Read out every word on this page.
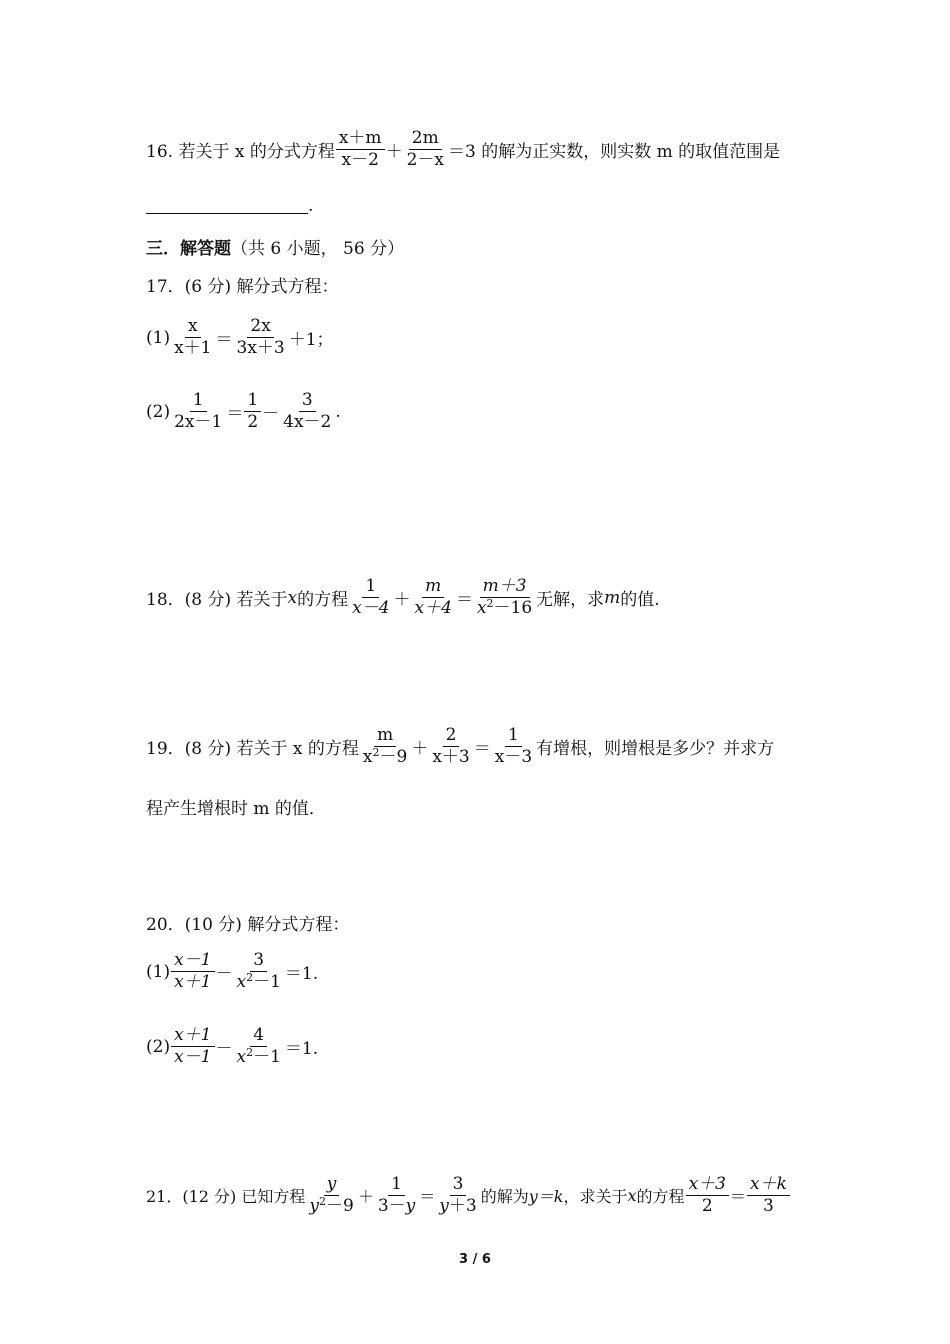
16. 若关于 x 的分式方程 $\frac{x+m}{x-2} + \frac{2m}{2-x} =3$ 的解为正实数，则实数 m 的取值范围是
.
三．解答题 （共 6 小题， 56 分）
17．(6 分) 解分式方程：
$(1) \frac{x}{x+1} = \frac{2x}{3x+3} +1$；
$(2) \frac{1}{2x-1} = \frac{1}{2} - \frac{3}{4x-2}$ .
18．(8 分) 若关于 x 的方程 $\frac{1}{x-4} + \frac{m}{x+4} = \frac{m+3}{x^2-16}$ 无解，求 m 的值.
19．(8 分) 若关于 x 的方程 $\frac{m}{x^2-9} + \frac{2}{x+3} = \frac{1}{x-3}$ 有增根，则增根是多少？并求方
程产生增根时 m 的值．
20．(10 分) 解分式方程：
$(1) \frac{x-1}{x+1} - \frac{3}{x^2-1} =1$.
$(2) \frac{x+1}{x-1} - \frac{4}{x^2-1} =1$.
21．(12 分) 已知方程 $\frac{y}{y^2-9} + \frac{1}{3-y} = \frac{3}{y+3}$ 的解为 y＝k ，求关于 x 的方程 $\frac{x+3}{2} = \frac{x+k}{3}$
3 / 6
